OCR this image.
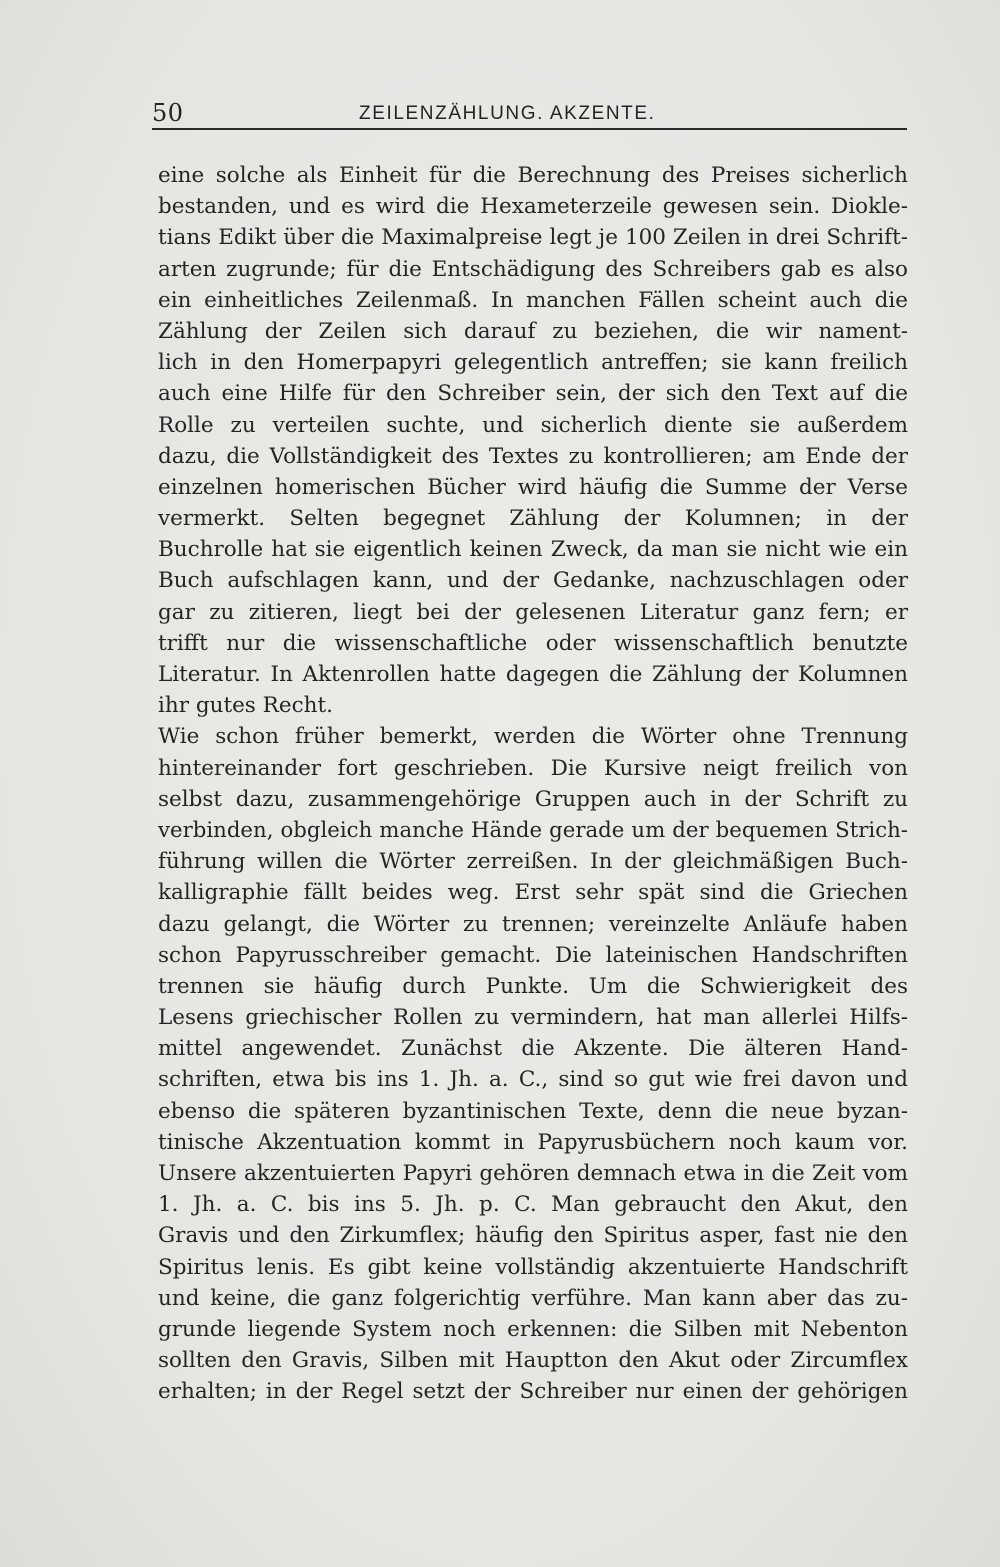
50	ZEILENZÄHLUNG. AKZENTE.
eine solche als Einheit für die Berechnung des Preises sicherlich
bestanden, und es wird die Hexameterzeile gewesen sein. Diokle-
tians Edikt über die Maximalpreise legt je 100 Zeilen in drei Schrift-
arten zugrunde; für die Entschädigung des Schreibers gab es also
ein einheitliches Zeilenmaß. In manchen Fällen scheint auch die
Zählung der Zeilen sich darauf zu beziehen, die wir nament-
lich in den Homerpapyri gelegentlich antreffen; sie kann freilich
auch eine Hilfe für den Schreiber sein, der sich den Text auf die
Rolle zu verteilen suchte, und sicherlich diente sie außerdem
dazu, die Vollständigkeit des Textes zu kontrollieren; am Ende der
einzelnen homerischen Bücher wird häufig die Summe der Verse
vermerkt. Selten begegnet Zählung der Kolumnen; in der
Buchrolle hat sie eigentlich keinen Zweck, da man sie nicht wie ein
Buch aufschlagen kann, und der Gedanke, nachzuschlagen oder
gar zu zitieren, liegt bei der gelesenen Literatur ganz fern; er
trifft nur die wissenschaftliche oder wissenschaftlich benutzte
Literatur. In Aktenrollen hatte dagegen die Zählung der Kolumnen
ihr gutes Recht.
Wie schon früher bemerkt, werden die Wörter ohne Trennung
hintereinander fort geschrieben. Die Kursive neigt freilich von
selbst dazu, zusammengehörige Gruppen auch in der Schrift zu
verbinden, obgleich manche Hände gerade um der bequemen Strich-
führung willen die Wörter zerreißen. In der gleichmäßigen Buch-
kalligraphie fällt beides weg. Erst sehr spät sind die Griechen
dazu gelangt, die Wörter zu trennen; vereinzelte Anläufe haben
schon Papyrusschreiber gemacht. Die lateinischen Handschriften
trennen sie häufig durch Punkte. Um die Schwierigkeit des
Lesens griechischer Rollen zu vermindern, hat man allerlei Hilfs-
mittel angewendet. Zunächst die Akzente. Die älteren Hand-
schriften, etwa bis ins 1. Jh. a. C., sind so gut wie frei davon und
ebenso die späteren byzantinischen Texte, denn die neue byzan-
tinische Akzentuation kommt in Papyrusbüchern noch kaum vor.
Unsere akzentuierten Papyri gehören demnach etwa in die Zeit vom
1. Jh. a. C. bis ins 5. Jh. p. C. Man gebraucht den Akut, den
Gravis und den Zirkumflex; häufig den Spiritus asper, fast nie den
Spiritus lenis. Es gibt keine vollständig akzentuierte Handschrift
und keine, die ganz folgerichtig verführe. Man kann aber das zu-
grunde liegende System noch erkennen: die Silben mit Nebenton
sollten den Gravis, Silben mit Hauptton den Akut oder Zircumflex
erhalten; in der Regel setzt der Schreiber nur einen der gehörigen
